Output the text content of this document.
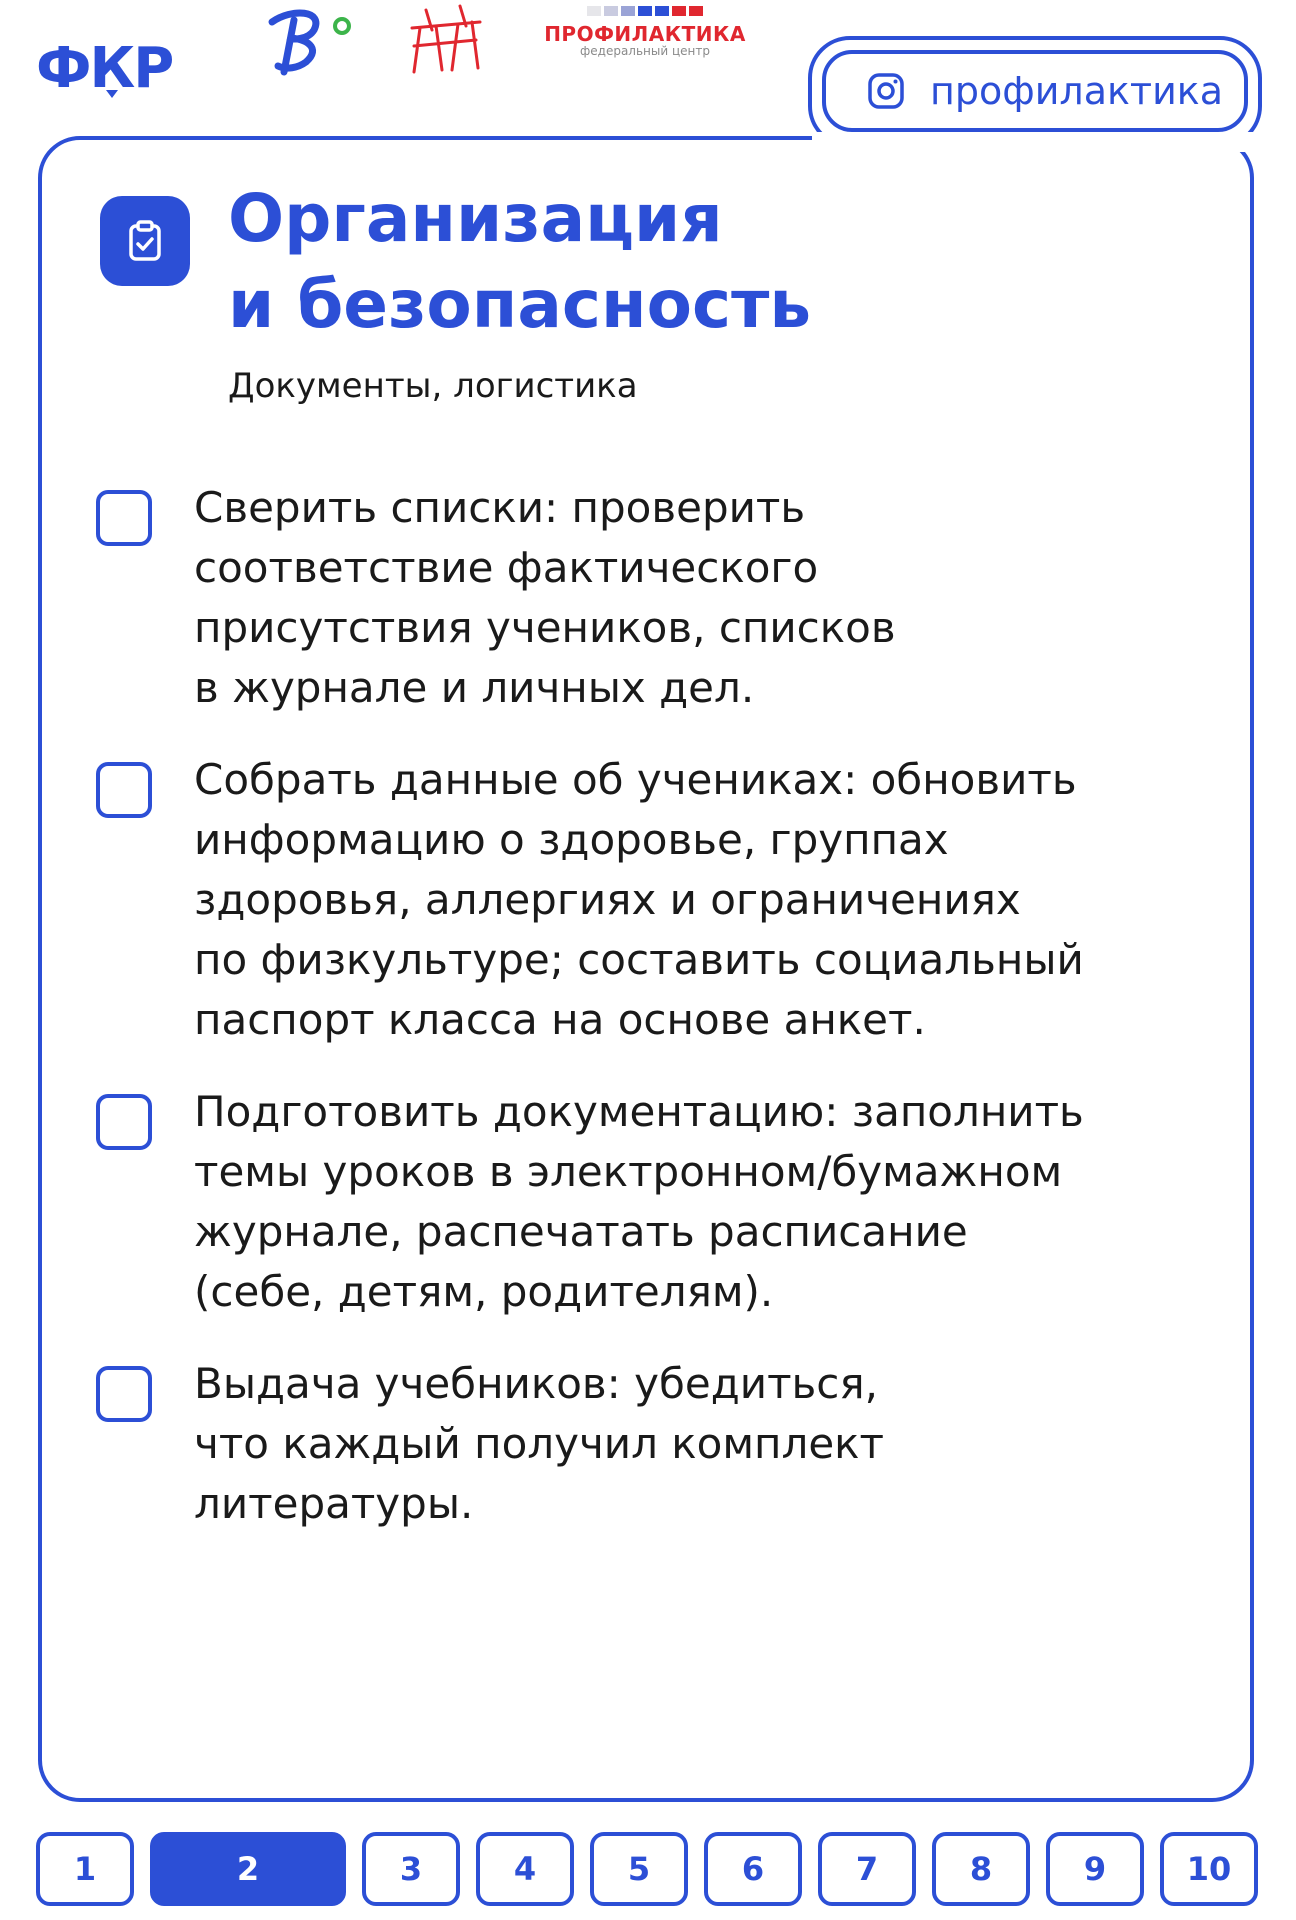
ФКР
ПРОФИЛАКТИКА
федеральный центр
профилактика
Организация
и безопасность
Документы, логистика
Сверить списки: проверить
соответствие фактического
присутствия учеников, списков
в журнале и личных дел.
Собрать данные об учениках: обновить
информацию о здоровье, группах
здоровья, аллергиях и ограничениях
по физкультуре; составить социальный
паспорт класса на основе анкет.
Подготовить документацию: заполнить
темы уроков в электронном/бумажном
журнале, распечатать расписание
(себе, детям, родителям).
Выдача учебников: убедиться,
что каждый получил комплект
литературы.
1	2	3	4	5	6	7	8	9	10
